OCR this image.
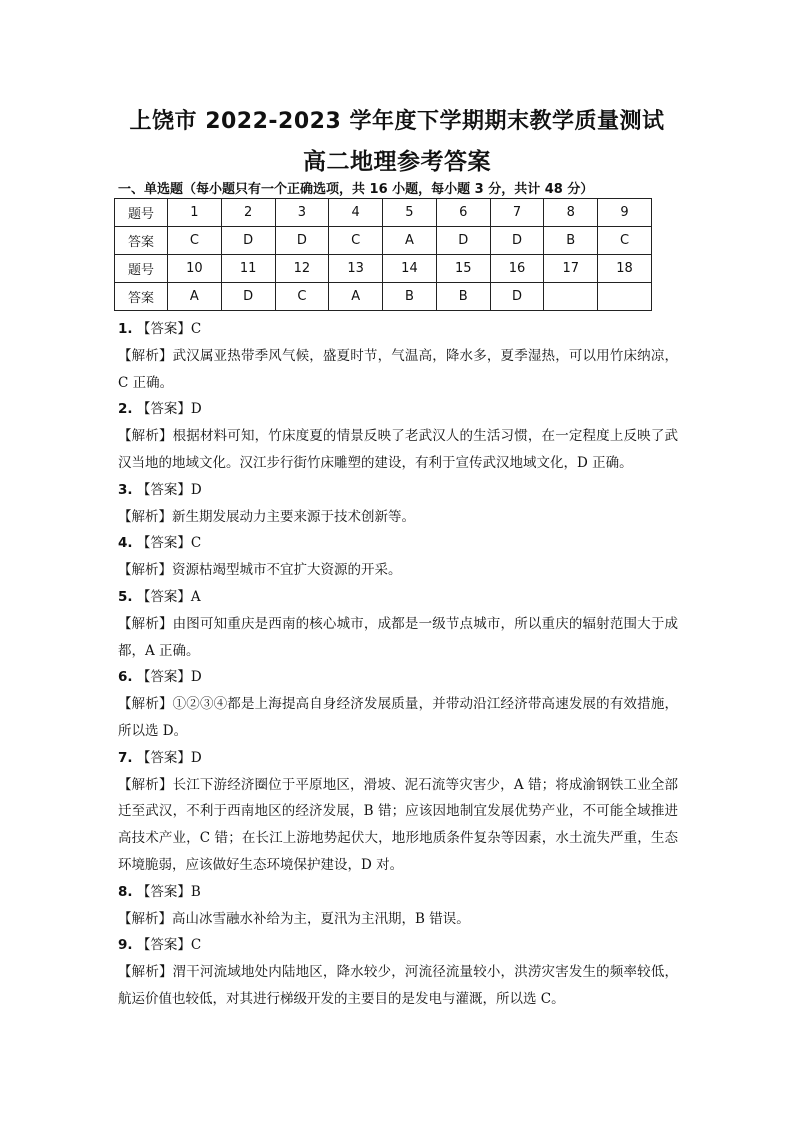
上饶市 2022-2023 学年度下学期期末教学质量测试
高二地理参考答案
一、单选题（每小题只有一个正确选项，共 16 小题，每小题 3 分，共计 48 分）
题号	1	2	3	4	5	6	7	8	9
答案	C	D	D	C	A	D	D	B	C
题号	10	11	12	13	14	15	16	17	18
答案	A	D	C	A	B	B	D		
1. 【答案】C
【解析】武汉属亚热带季风气候，盛夏时节，气温高，降水多，夏季湿热，可以用竹床纳凉，C 正确。
2. 【答案】D
【解析】根据材料可知，竹床度夏的情景反映了老武汉人的生活习惯，在一定程度上反映了武汉当地的地域文化。汉江步行街竹床雕塑的建设，有利于宣传武汉地域文化，D 正确。
3. 【答案】D
【解析】新生期发展动力主要来源于技术创新等。
4. 【答案】C
【解析】资源枯竭型城市不宜扩大资源的开采。
5. 【答案】A
【解析】由图可知重庆是西南的核心城市，成都是一级节点城市，所以重庆的辐射范围大于成都，A 正确。
6. 【答案】D
【解析】①②③④都是上海提高自身经济发展质量，并带动沿江经济带高速发展的有效措施，所以选 D。
7. 【答案】D
【解析】长江下游经济圈位于平原地区，滑坡、泥石流等灾害少，A 错；将成渝钢铁工业全部迁至武汉，不利于西南地区的经济发展，B 错；应该因地制宜发展优势产业，不可能全域推进高技术产业，C 错；在长江上游地势起伏大，地形地质条件复杂等因素，水土流失严重，生态环境脆弱，应该做好生态环境保护建设，D 对。
8. 【答案】B
【解析】高山冰雪融水补给为主，夏汛为主汛期，B 错误。
9. 【答案】C
【解析】渭干河流域地处内陆地区，降水较少，河流径流量较小，洪涝灾害发生的频率较低，航运价值也较低，对其进行梯级开发的主要目的是发电与灌溉，所以选 C。
